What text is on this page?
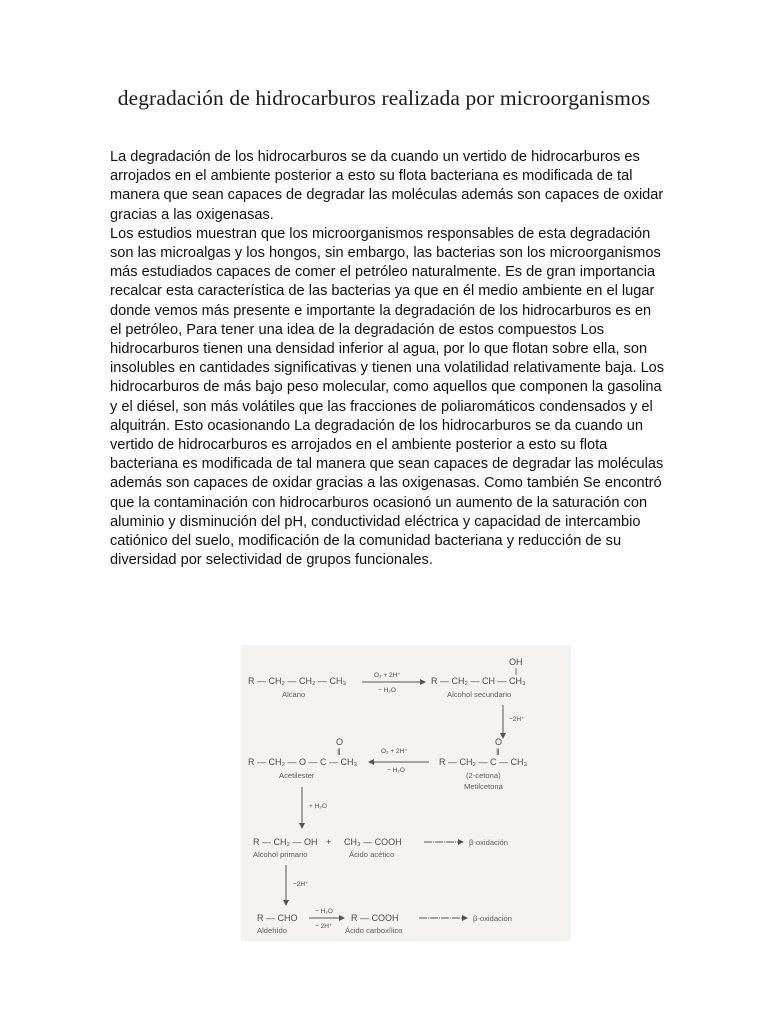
degradación de hidrocarburos realizada por microorganismos

La degradación de los hidrocarburos se da cuando un vertido de hidrocarburos es arrojados en el ambiente posterior a esto su flota bacteriana es modificada de tal manera que sean capaces de degradar las moléculas además son capaces de oxidar gracias a las oxigenasas.

Los estudios muestran que los microorganismos responsables de esta degradación son las microalgas y los hongos, sin embargo, las bacterias son los microorganismos más estudiados capaces de comer el petróleo naturalmente. Es de gran importancia recalcar esta característica de las bacterias ya que en él medio ambiente en el lugar donde vemos más presente e importante la degradación de los hidrocarburos es en el petróleo, Para tener una idea de la degradación de estos compuestos Los hidrocarburos tienen una densidad inferior al agua, por lo que flotan sobre ella, son insolubles en cantidades significativas y tienen una volatilidad relativamente baja. Los hidrocarburos de más bajo peso molecular, como aquellos que componen la gasolina y el diésel, son más volátiles que las fracciones de poliaromáticos condensados y el alquitrán. Esto ocasionando La degradación de los hidrocarburos se da cuando un vertido de hidrocarburos es arrojados en el ambiente posterior a esto su flota bacteriana es modificada de tal manera que sean capaces de degradar las moléculas además son capaces de oxidar gracias a las oxigenasas. Como también Se encontró que la contaminación con hidrocarburos ocasionó un aumento de la saturación con aluminio y disminución del pH, conductividad eléctrica y capacidad de intercambio catiónico del suelo, modificación de la comunidad bacteriana y reducción de su diversidad por selectividad de grupos funcionales.

R — CH₂ — CH₂ — CH₃
Alcano
O₂ + 2H⁺
− H₂O
OH
R — CH₂ — CH — CH₃
Alcohol secundario
−2H⁺
O
‖
R — CH₂ — O — C — CH₃
Acetilester
O₂ + 2H⁺
− H₂O
O
‖
R — CH₂ — C — CH₃
(2-cetona)
Metilcetona
+ H₂O
R — CH₂ — OH
Alcohol primario
+ CH₃ — COOH
Ácido acético
β-oxidación
−2H⁺
R — CHO
Aldehído
− H₂O
− 2H⁺
R — COOH
Ácido carboxílico
β-oxidación
